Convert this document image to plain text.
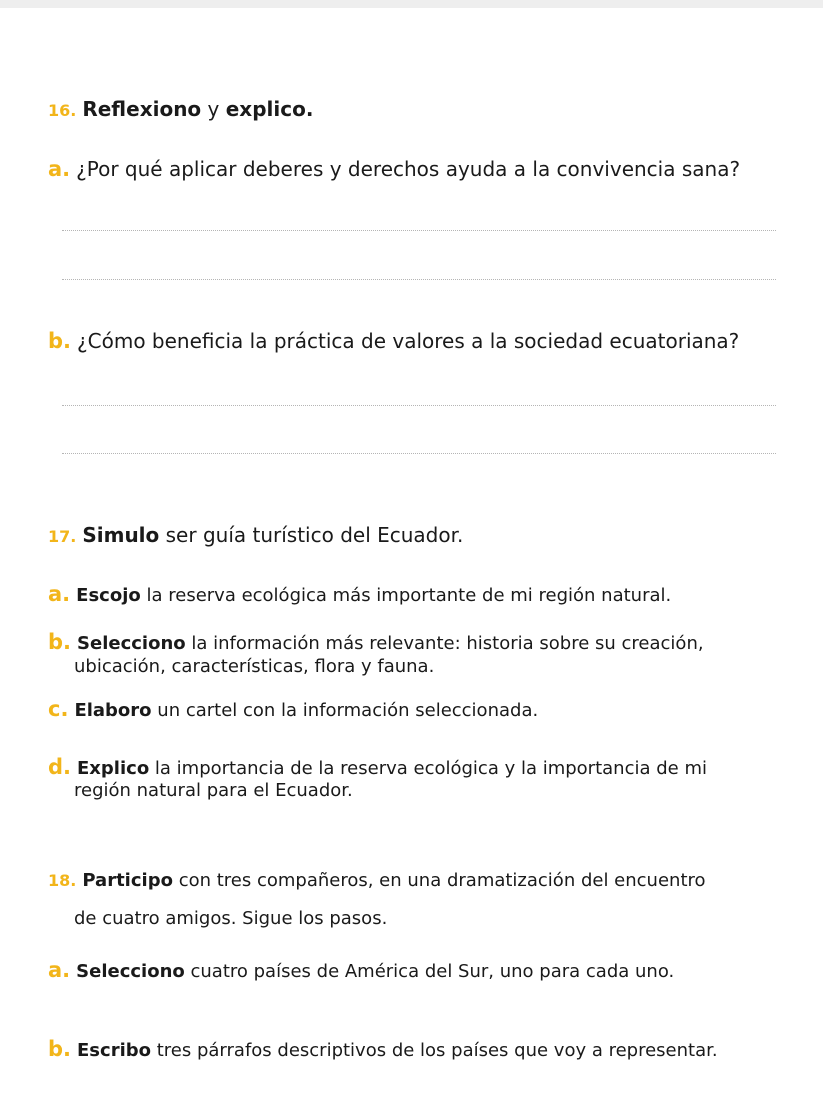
16. Reflexiono y explico.
a. ¿Por qué aplicar deberes y derechos ayuda a la convivencia sana?
b. ¿Cómo beneficia la práctica de valores a la sociedad ecuatoriana?
17. Simulo ser guía turístico del Ecuador.
a. Escojo la reserva ecológica más importante de mi región natural.
b. Selecciono la información más relevante: historia sobre su creación,
ubicación, características, flora y fauna.
c. Elaboro un cartel con la información seleccionada.
d. Explico la importancia de la reserva ecológica y la importancia de mi
región natural para el Ecuador.
18. Participo con tres compañeros, en una dramatización del encuentro
de cuatro amigos. Sigue los pasos.
a. Selecciono cuatro países de América del Sur, uno para cada uno.
b. Escribo tres párrafos descriptivos de los países que voy a representar.
